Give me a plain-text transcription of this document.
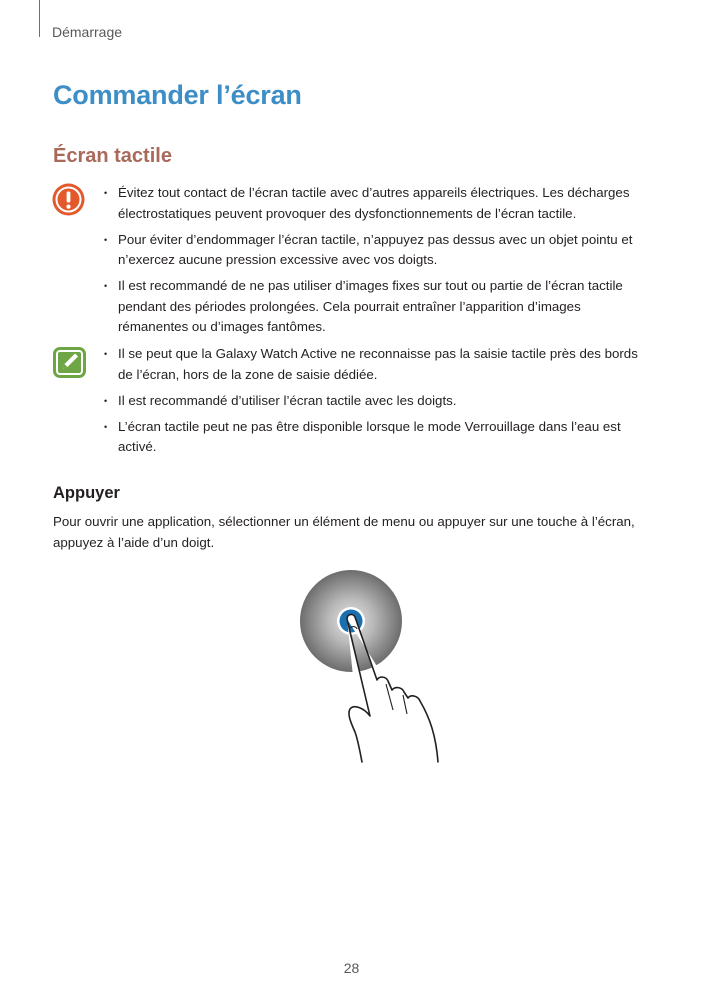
Démarrage
Commander l’écran
Écran tactile
• Évitez tout contact de l’écran tactile avec d’autres appareils électriques. Les décharges électrostatiques peuvent provoquer des dysfonctionnements de l’écran tactile.
• Pour éviter d’endommager l’écran tactile, n’appuyez pas dessus avec un objet pointu et n’exercez aucune pression excessive avec vos doigts.
• Il est recommandé de ne pas utiliser d’images fixes sur tout ou partie de l’écran tactile pendant des périodes prolongées. Cela pourrait entraîner l’apparition d’images rémanentes ou d’images fantômes.
• Il se peut que la Galaxy Watch Active ne reconnaisse pas la saisie tactile près des bords de l’écran, hors de la zone de saisie dédiée.
• Il est recommandé d’utiliser l’écran tactile avec les doigts.
• L’écran tactile peut ne pas être disponible lorsque le mode Verrouillage dans l’eau est activé.
Appuyer

Pour ouvrir une application, sélectionner un élément de menu ou appuyer sur une touche à l’écran, appuyez à l’aide d’un doigt.

28
